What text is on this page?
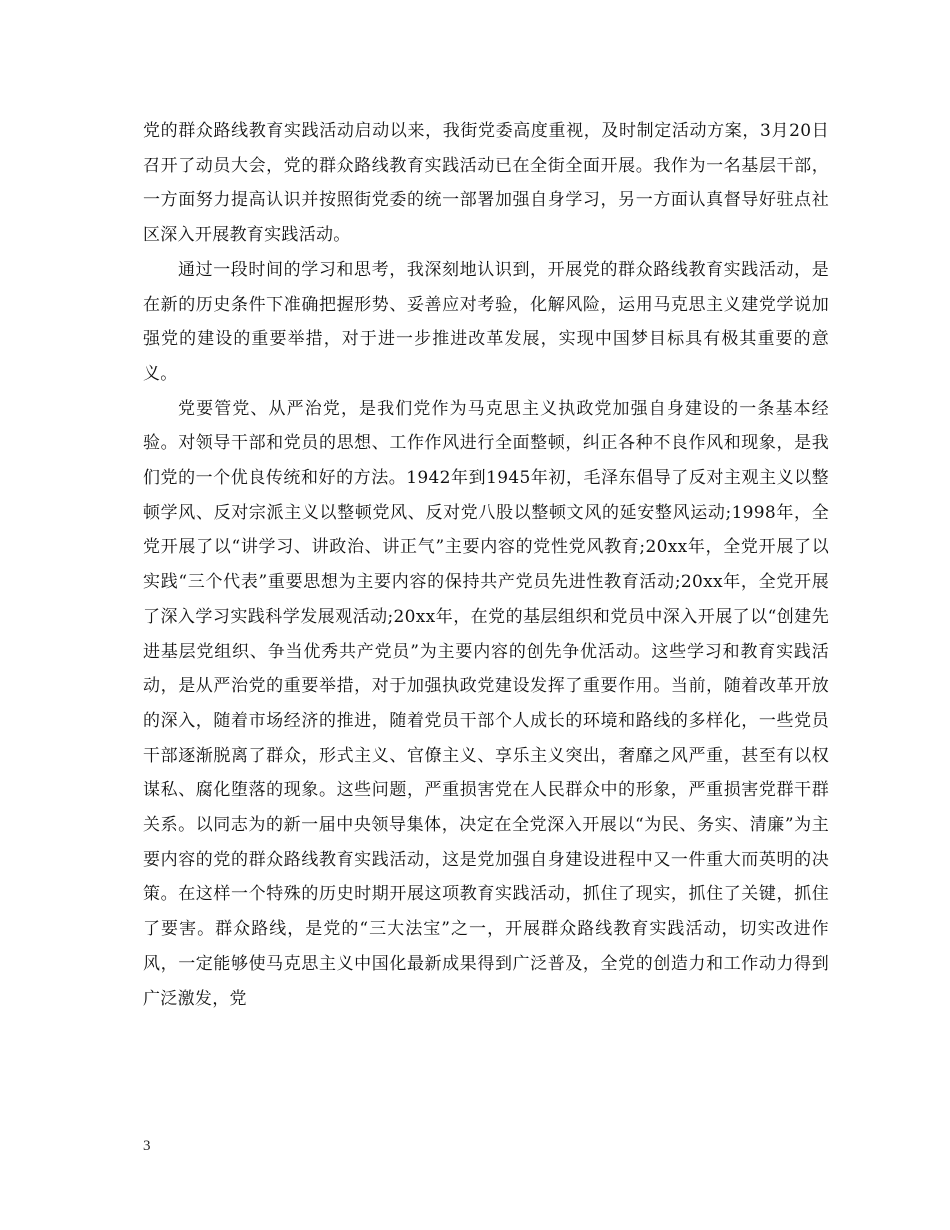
党的群众路线教育实践活动启动以来，我街党委高度重视，及时制定活动方案，3月20日召开了动员大会，党的群众路线教育实践活动已在全街全面开展。我作为一名基层干部，一方面努力提高认识并按照街党委的统一部署加强自身学习，另一方面认真督导好驻点社区深入开展教育实践活动。

通过一段时间的学习和思考，我深刻地认识到，开展党的群众路线教育实践活动，是在新的历史条件下准确把握形势、妥善应对考验，化解风险，运用马克思主义建党学说加强党的建设的重要举措，对于进一步推进改革发展，实现中国梦目标具有极其重要的意义。

党要管党、从严治党，是我们党作为马克思主义执政党加强自身建设的一条基本经验。对领导干部和党员的思想、工作作风进行全面整顿，纠正各种不良作风和现象，是我们党的一个优良传统和好的方法。1942年到1945年初，毛泽东倡导了反对主观主义以整顿学风、反对宗派主义以整顿党风、反对党八股以整顿文风的延安整风运动;1998年，全党开展了以“讲学习、讲政治、讲正气”主要内容的党性党风教育;20xx年，全党开展了以实践“三个代表”重要思想为主要内容的保持共产党员先进性教育活动;20xx年，全党开展了深入学习实践科学发展观活动;20xx年，在党的基层组织和党员中深入开展了以“创建先进基层党组织、争当优秀共产党员”为主要内容的创先争优活动。这些学习和教育实践活动，是从严治党的重要举措，对于加强执政党建设发挥了重要作用。当前，随着改革开放的深入，随着市场经济的推进，随着党员干部个人成长的环境和路线的多样化，一些党员干部逐渐脱离了群众，形式主义、官僚主义、享乐主义突出，奢靡之风严重，甚至有以权谋私、腐化堕落的现象。这些问题，严重损害党在人民群众中的形象，严重损害党群干群关系。以同志为的新一届中央领导集体，决定在全党深入开展以“为民、务实、清廉”为主要内容的党的群众路线教育实践活动，这是党加强自身建设进程中又一件重大而英明的决策。在这样一个特殊的历史时期开展这项教育实践活动，抓住了现实，抓住了关键，抓住了要害。群众路线，是党的“三大法宝”之一，开展群众路线教育实践活动，切实改进作风，一定能够使马克思主义中国化最新成果得到广泛普及，全党的创造力和工作动力得到广泛激发，党

3
